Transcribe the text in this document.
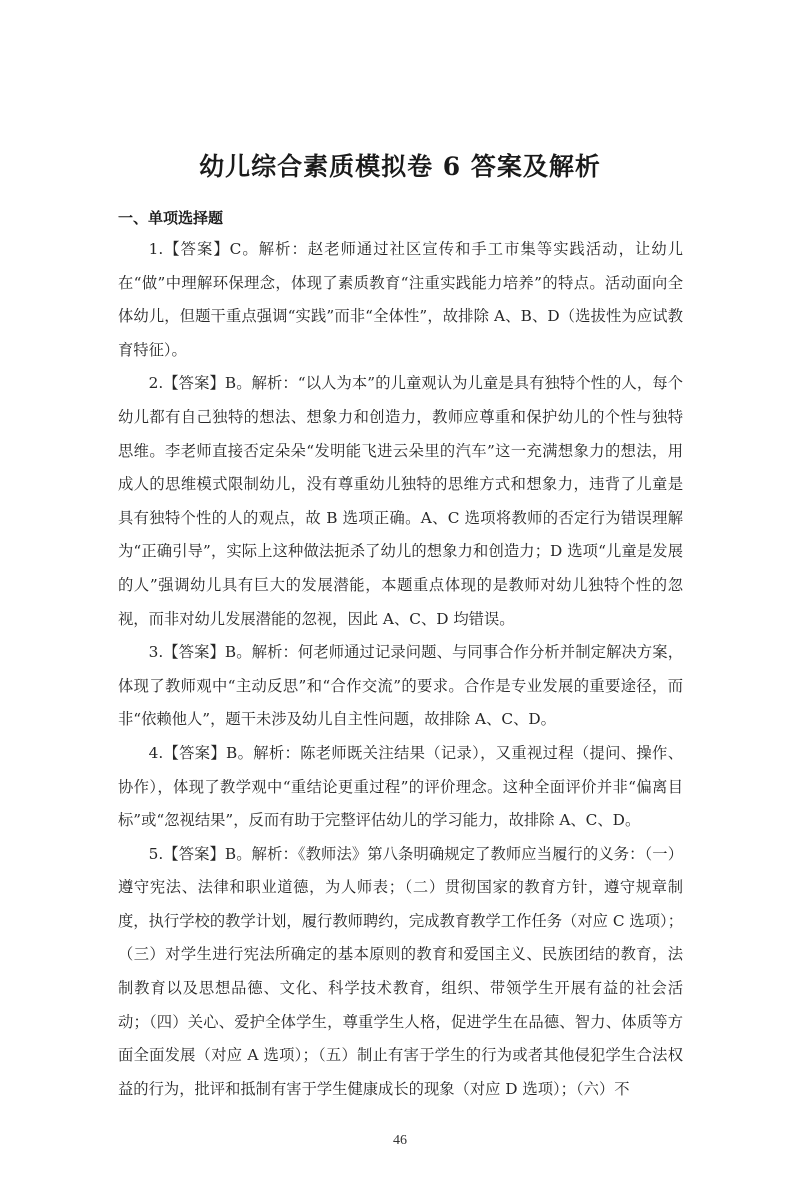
幼儿综合素质模拟卷 6 答案及解析
一、单项选择题

1.【答案】C。解析：赵老师通过社区宣传和手工市集等实践活动，让幼儿在“做”中理解环保理念，体现了素质教育“注重实践能力培养”的特点。活动面向全体幼儿，但题干重点强调“实践”而非“全体性”，故排除 A、B、D（选拔性为应试教育特征）。

2.【答案】B。解析：“以人为本”的儿童观认为儿童是具有独特个性的人，每个幼儿都有自己独特的想法、想象力和创造力，教师应尊重和保护幼儿的个性与独特思维。李老师直接否定朵朵“发明能飞进云朵里的汽车”这一充满想象力的想法，用成人的思维模式限制幼儿，没有尊重幼儿独特的思维方式和想象力，违背了儿童是具有独特个性的人的观点，故 B 选项正确。A、C 选项将教师的否定行为错误理解为“正确引导”，实际上这种做法扼杀了幼儿的想象力和创造力；D 选项“儿童是发展的人”强调幼儿具有巨大的发展潜能，本题重点体现的是教师对幼儿独特个性的忽视，而非对幼儿发展潜能的忽视，因此 A、C、D 均错误。

3.【答案】B。解析：何老师通过记录问题、与同事合作分析并制定解决方案，体现了教师观中“主动反思”和“合作交流”的要求。合作是专业发展的重要途径，而非“依赖他人”，题干未涉及幼儿自主性问题，故排除 A、C、D。

4.【答案】B。解析：陈老师既关注结果（记录），又重视过程（提问、操作、协作），体现了教学观中“重结论更重过程”的评价理念。这种全面评价并非“偏离目标”或“忽视结果”，反而有助于完整评估幼儿的学习能力，故排除 A、C、D。

5.【答案】B。解析：《教师法》第八条明确规定了教师应当履行的义务：（一）遵守宪法、法律和职业道德，为人师表；（二）贯彻国家的教育方针，遵守规章制度，执行学校的教学计划，履行教师聘约，完成教育教学工作任务（对应 C 选项）；（三）对学生进行宪法所确定的基本原则的教育和爱国主义、民族团结的教育，法制教育以及思想品德、文化、科学技术教育，组织、带领学生开展有益的社会活动；（四）关心、爱护全体学生，尊重学生人格，促进学生在品德、智力、体质等方面全面发展（对应 A 选项）；（五）制止有害于学生的行为或者其他侵犯学生合法权益的行为，批评和抵制有害于学生健康成长的现象（对应 D 选项）；（六）不

46
